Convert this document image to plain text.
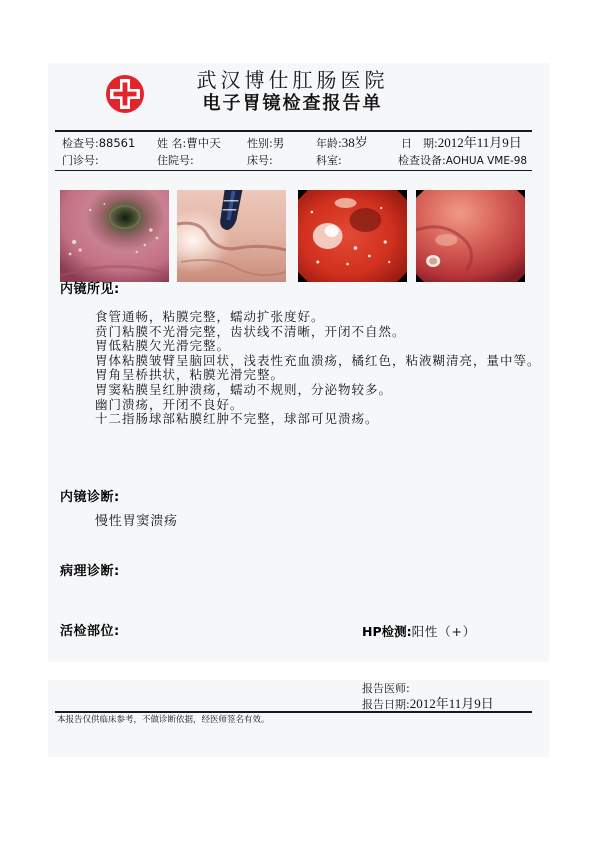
武汉博仕肛肠医院
电子胃镜检查报告单
检查号:88561 姓 名:曹中天 性别:男	年龄:38岁	日　期:2012年11月9日
门诊号:	住院号:	床号:	科室:	检查设备:AOHUA VME-98
内镜所见:
食管通畅，粘膜完整，蠕动扩张度好。
贲门粘膜不光滑完整，齿状线不清晰，开闭不自然。
胃低粘膜欠光滑完整。
胃体粘膜皱臂呈脑回状，浅表性充血溃疡，橘红色，粘液糊清亮，量中等。
胃角呈桥拱状，粘膜光滑完整。
胃窦粘膜呈红肿溃疡，蠕动不规则，分泌物较多。
幽门溃疡，开闭不良好。
十二指肠球部粘膜红肿不完整，球部可见溃疡。
内镜诊断:
慢性胃窦溃疡
病理诊断:
活检部位:	HP检测:阳性（+）
报告医师:
报告日期:2012年11月9日
本报告仅供临床参考，不做诊断依据，经医师签名有效。
